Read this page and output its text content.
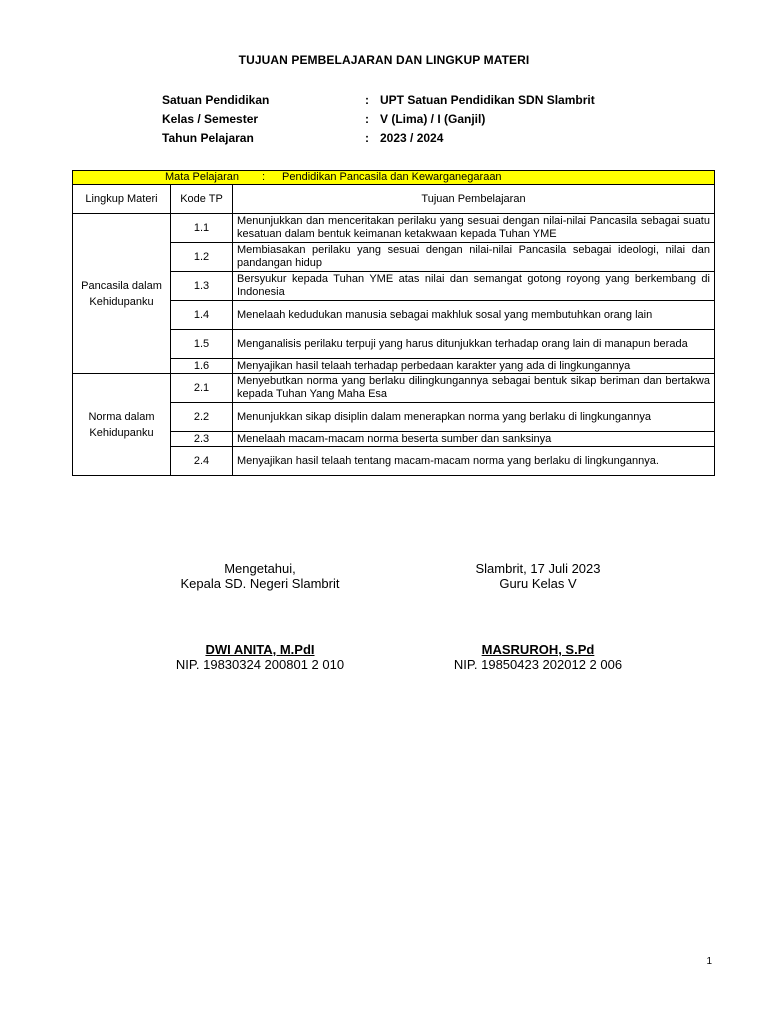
TUJUAN PEMBELAJARAN DAN LINGKUP MATERI
Satuan Pendidikan	: UPT Satuan Pendidikan SDN Slambrit
Kelas / Semester	: V (Lima) / I (Ganjil)
Tahun Pelajaran	: 2023 / 2024
Mata Pelajaran : Pendidikan Pancasila dan Kewarganegaraan		
Lingkup Materi	Kode TP	Tujuan Pembelajaran
Pancasila dalam Kehidupanku	1.1	Menunjukkan dan menceritakan perilaku yang sesuai dengan nilai-nilai Pancasila sebagai suatu kesatuan dalam bentuk keimanan ketakwaan kepada Tuhan YME
	1.2	Membiasakan perilaku yang sesuai dengan nilai-nilai Pancasila sebagai ideologi, nilai dan pandangan hidup
	1.3	Bersyukur kepada Tuhan YME atas nilai dan semangat gotong royong yang berkembang di Indonesia
	1.4	Menelaah kedudukan manusia sebagai makhluk sosal yang membutuhkan orang lain
	1.5	Menganalisis perilaku terpuji yang harus ditunjukkan terhadap orang lain di manapun berada
	1.6	Menyajikan hasil telaah terhadap perbedaan karakter yang ada di lingkungannya
Norma dalam Kehidupanku	2.1	Menyebutkan norma yang berlaku dilingkungannya sebagai bentuk sikap beriman dan bertakwa kepada Tuhan Yang Maha Esa
	2.2	Menunjukkan sikap disiplin dalam menerapkan norma yang berlaku di lingkungannya
	2.3	Menelaah macam-macam norma beserta sumber dan sanksinya
	2.4	Menyajikan hasil telaah tentang macam-macam norma yang berlaku di lingkungannya.
Mengetahui,
Kepala SD. Negeri Slambrit
Slambrit, 17 Juli 2023
Guru Kelas V
DWI ANITA, M.PdI
NIP. 19830324 200801 2 010
MASRUROH, S.Pd
NIP. 19850423 202012 2 006
1
